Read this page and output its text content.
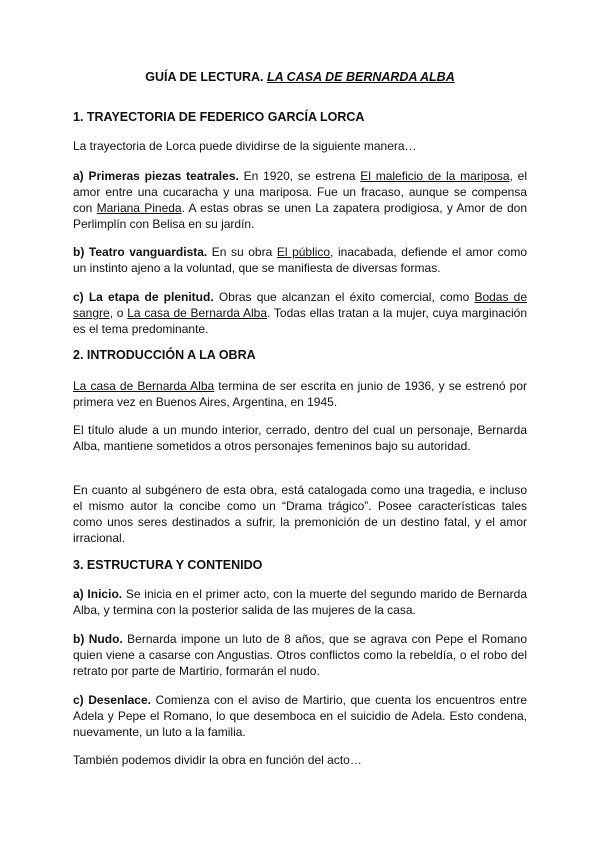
GUÍA DE LECTURA. LA CASA DE BERNARDA ALBA
1. TRAYECTORIA DE FEDERICO GARCÍA LORCA
La trayectoria de Lorca puede dividirse de la siguiente manera…
a) Primeras piezas teatrales. En 1920, se estrena El maleficio de la mariposa, el amor entre una cucaracha y una mariposa. Fue un fracaso, aunque se compensa con Mariana Pineda. A estas obras se unen La zapatera prodigiosa, y Amor de don Perlimplín con Belisa en su jardín.
b) Teatro vanguardista. En su obra El público, inacabada, defiende el amor como un instinto ajeno a la voluntad, que se manifiesta de diversas formas.
c) La etapa de plenitud. Obras que alcanzan el éxito comercial, como Bodas de sangre, o La casa de Bernarda Alba. Todas ellas tratan a la mujer, cuya marginación es el tema predominante.
2. INTRODUCCIÓN A LA OBRA
La casa de Bernarda Alba termina de ser escrita en junio de 1936, y se estrenó por primera vez en Buenos Aires, Argentina, en 1945.
El título alude a un mundo interior, cerrado, dentro del cual un personaje, Bernarda Alba, mantiene sometidos a otros personajes femeninos bajo su autoridad.
En cuanto al subgénero de esta obra, está catalogada como una tragedia, e incluso el mismo autor la concibe como un “Drama trágico”. Posee características tales como unos seres destinados a sufrir, la premonición de un destino fatal, y el amor irracional.
3. ESTRUCTURA Y CONTENIDO
a) Inicio. Se inicia en el primer acto, con la muerte del segundo marido de Bernarda Alba, y termina con la posterior salida de las mujeres de la casa.
b) Nudo. Bernarda impone un luto de 8 años, que se agrava con Pepe el Romano quien viene a casarse con Angustias. Otros conflictos como la rebeldía, o el robo del retrato por parte de Martirio, formarán el nudo.
c) Desenlace. Comienza con el aviso de Martirio, que cuenta los encuentros entre Adela y Pepe el Romano, lo que desemboca en el suicidio de Adela. Esto condena, nuevamente, un luto a la familia.
También podemos dividir la obra en función del acto…
